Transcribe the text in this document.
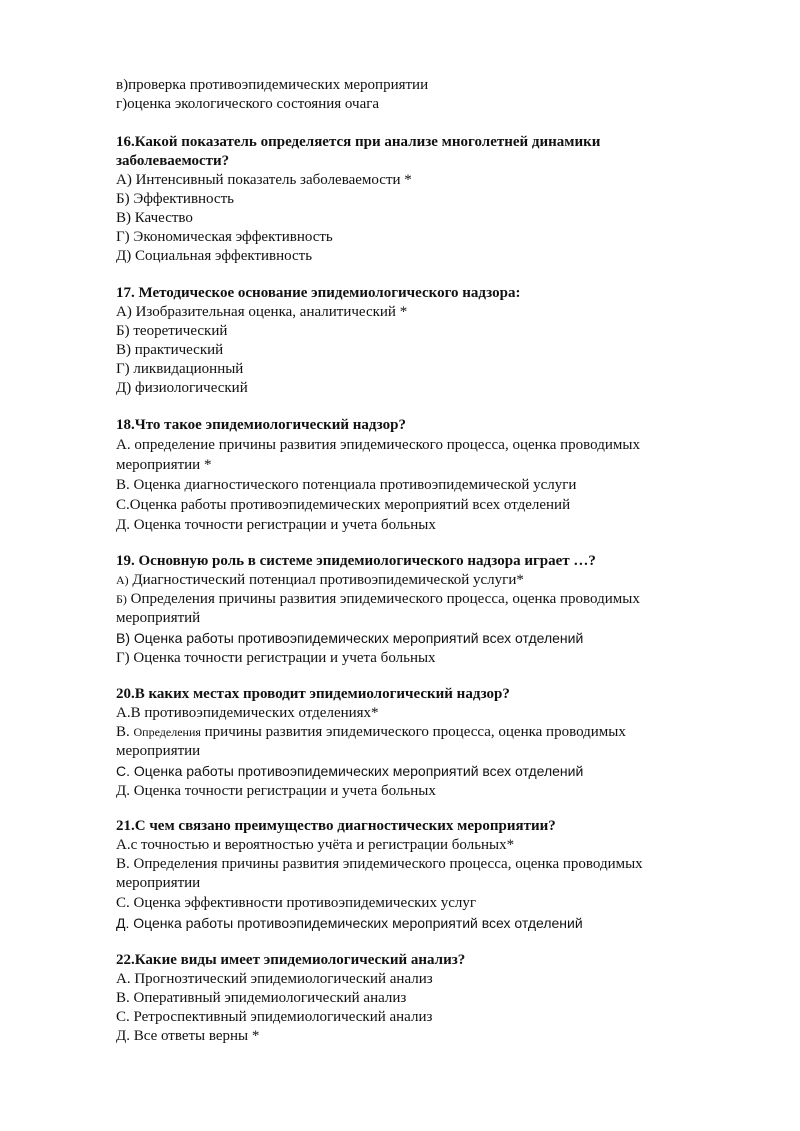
в)проверка противоэпидемических мероприятии
г)оценка экологического состояния очага
16.Какой показатель определяется при анализе многолетней динамики заболеваемости?
А) Интенсивный показатель заболеваемости *
Б) Эффективность
В) Качество
Г) Экономическая эффективность
Д) Социальная эффективность
17. Методическое основание эпидемиологического надзора:
А) Изобразительная оценка, аналитический *
Б) теоретический
В) практический
Г) ликвидационный
Д) физиологический
18.Что такое эпидемиологический надзор?
А. определение причины развития эпидемического процесса, оценка проводимых мероприятии *
В. Оценка диагностического потенциала противоэпидемической услуги
С.Оценка работы противоэпидемических мероприятий всех отделений
Д. Оценка точности регистрации и учета больных
19. Основную роль в системе эпидемиологического надзора играет …?
А) Диагностический потенциал противоэпидемической услуги*
Б) Определения причины развития эпидемического процесса, оценка проводимых мероприятий
В) Оценка работы противоэпидемических мероприятий всех отделений
Г) Оценка точности регистрации и учета больных
20.В каких местах проводит эпидемиологический надзор?
А.В противоэпидемических отделениях*
В. Определения причины развития эпидемического процесса, оценка проводимых мероприятии
С. Оценка работы противоэпидемических мероприятий всех отделений
Д. Оценка точности регистрации и учета больных
21.С чем связано преимущество диагностических мероприятии?
А.с точностью и вероятностью учёта и регистрации больных*
В. Определения причины развития эпидемического процесса, оценка проводимых мероприятии
С. Оценка эффективности противоэпидемических услуг
Д. Оценка работы противоэпидемических мероприятий всех отделений
22.Какие виды имеет эпидемиологический анализ?
А. Прогнозтический эпидемиологический анализ
В. Оперативный эпидемиологический анализ
С. Ретроспективный эпидемиологический анализ
Д. Все ответы верны *
